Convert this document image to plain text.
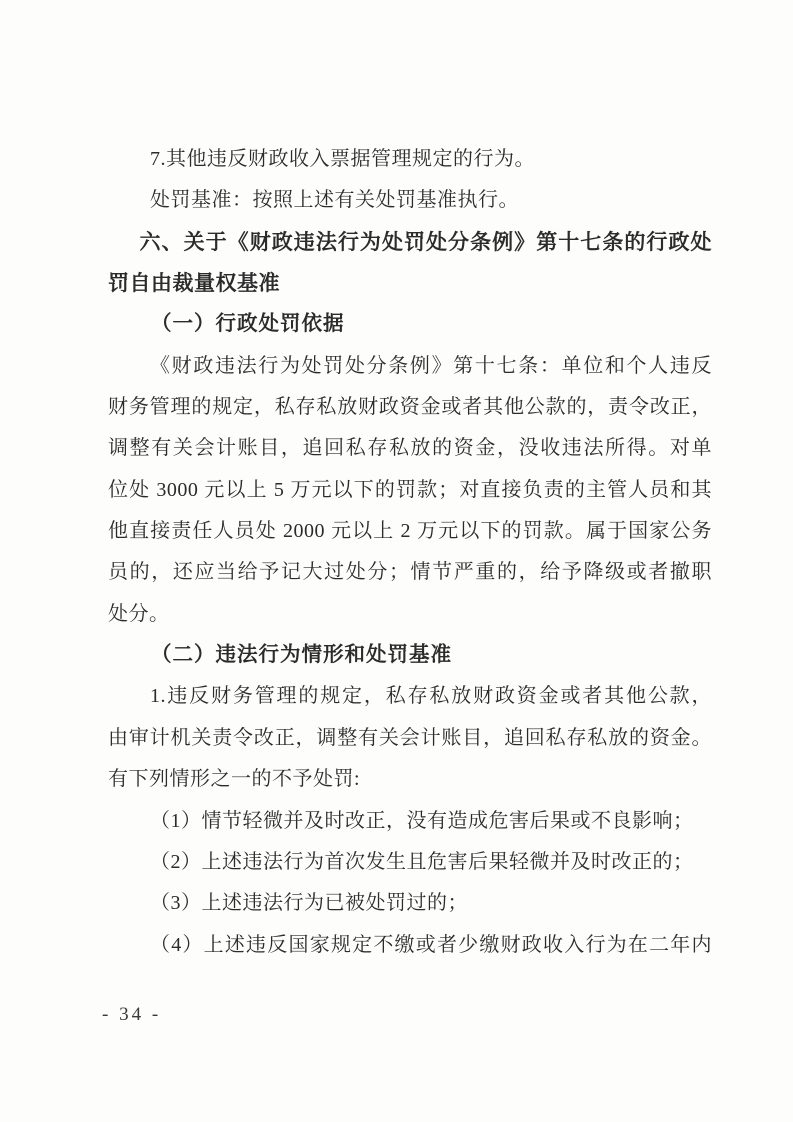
7.其他违反财政收入票据管理规定的行为。
处罚基准：按照上述有关处罚基准执行。
六、关于《财政违法行为处罚处分条例》第十七条的行政处
罚自由裁量权基准
（一）行政处罚依据
《财政违法行为处罚处分条例》第十七条：单位和个人违反
财务管理的规定，私存私放财政资金或者其他公款的，责令改正，
调整有关会计账目，追回私存私放的资金，没收违法所得。对单
位处 3000 元以上 5 万元以下的罚款；对直接负责的主管人员和其
他直接责任人员处 2000 元以上 2 万元以下的罚款。属于国家公务
员的，还应当给予记大过处分；情节严重的，给予降级或者撤职
处分。
（二）违法行为情形和处罚基准
1.违反财务管理的规定，私存私放财政资金或者其他公款，
由审计机关责令改正，调整有关会计账目，追回私存私放的资金。
有下列情形之一的不予处罚:
（1）情节轻微并及时改正，没有造成危害后果或不良影响；
（2）上述违法行为首次发生且危害后果轻微并及时改正的；
（3）上述违法行为已被处罚过的；
（4）上述违反国家规定不缴或者少缴财政收入行为在二年内
- 34 -
